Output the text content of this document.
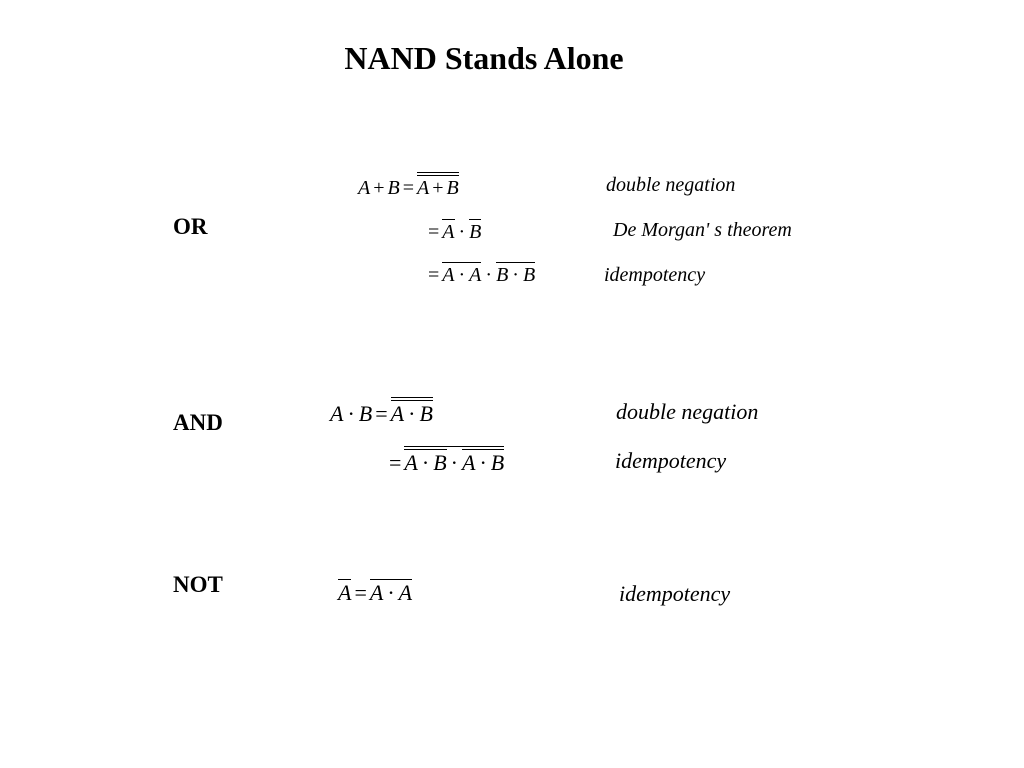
NAND Stands Alone
OR
A + B = A + B	double negation
= A · B	De Morgan' s theorem
= A · A · B · B	idempotency
AND	A · B = A · B	double negation
= A · B · A · B	idempotency
NOT	A = A · A	idempotency
